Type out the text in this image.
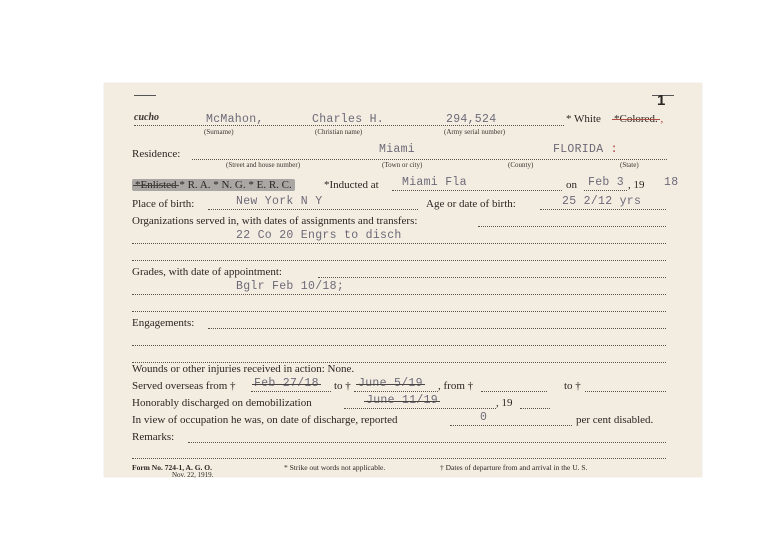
1
cucho	McMahon,	Charles H.	294,524
(Surname)	(Christian name)	(Army serial number)
* White *Colored. ,
Residence:	Miami	FLORIDA :
(Street and house number)	(Town or city)	(County)	(State)
*Enlisted * R. A. * N. G. * E. R. C.	*Inducted at Miami Fla	on Feb 3 , 19 18
Place of birth:	New York N Y	Age or date of birth:	25 2/12 yrs
Organizations served in, with dates of assignments and transfers:
22 Co 20 Engrs to disch
Grades, with date of appointment:
Bglr Feb 10/18;
Engagements:
Wounds or other injuries received in action: None.
Served overseas from † Feb 27/18 to † June 5/19 , from †	to †
Honorably discharged on demobilization	June 11/19	, 19
In view of occupation he was, on date of discharge, reported	0	per cent disabled.
Remarks:
Form No. 724-1, A. G. O.
Nov. 22, 1919.
* Strike out words not applicable.	† Dates of departure from and arrival in the U. S.
